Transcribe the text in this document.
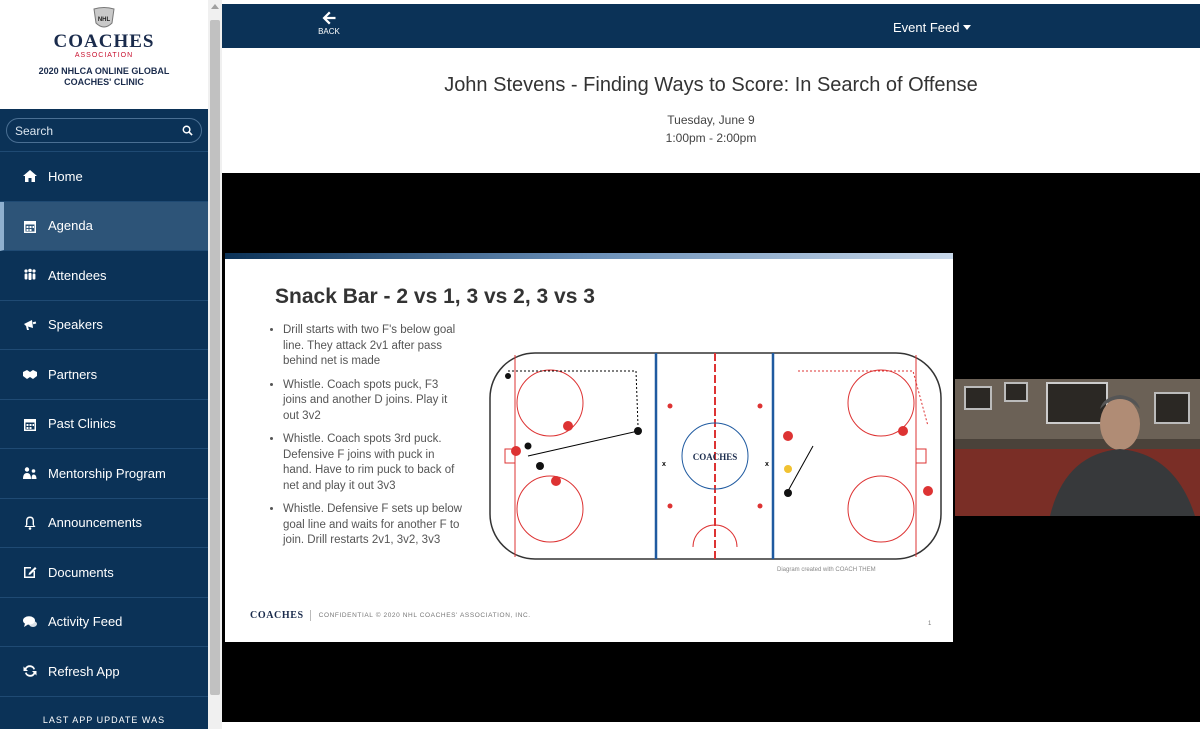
NHL
COACHES
ASSOCIATION
2020 NHLCA ONLINE GLOBAL
COACHES' CLINIC
Search
Home
Agenda
Attendees
Speakers
Partners
Past Clinics
Mentorship Program
Announcements
Documents
Activity Feed
Refresh App
LAST APP UPDATE WAS
BACK	Event Feed
John Stevens - Finding Ways to Score: In Search of Offense
Tuesday, June 9
1:00pm - 2:00pm
Snack Bar - 2 vs 1, 3 vs 2, 3 vs 3
• Drill starts with two F's below goal line. They attack 2v1 after pass behind net is made
• Whistle. Coach spots puck, F3 joins and another D joins. Play it out 3v2
• Whistle. Coach spots 3rd puck. Defensive F joins with puck in hand. Have to rim puck to back of net and play it out 3v3
• Whistle. Defensive F sets up below goal line and waits for another F to join. Drill restarts 2v1, 3v2, 3v3
COACHES
x	x
Diagram created with COACH THEM
COACHES	CONFIDENTIAL © 2020 NHL COACHES' ASSOCIATION, INC.
1
